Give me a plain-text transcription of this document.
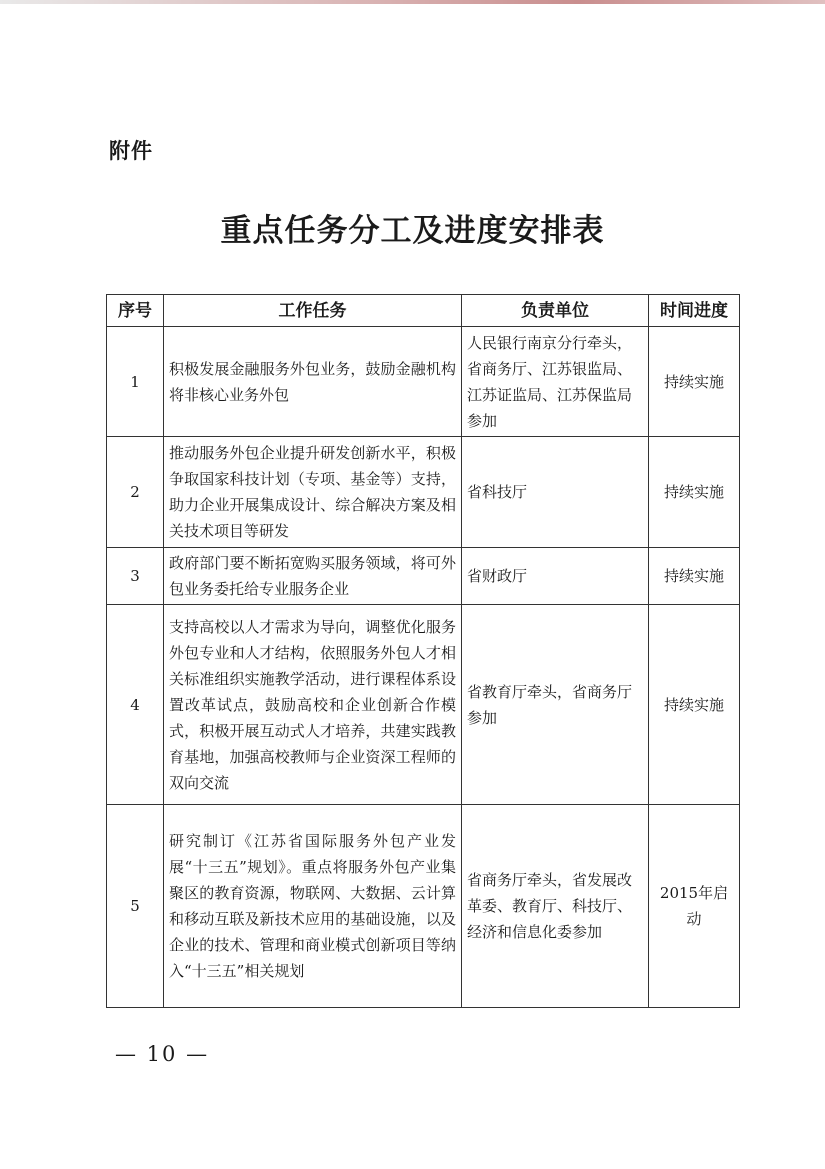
附件
重点任务分工及进度安排表
序号	工作任务	负责单位	时间进度
1	积极发展金融服务外包业务，鼓励金融机构将非核心业务外包	人民银行南京分行牵头，省商务厅、江苏银监局、江苏证监局、江苏保监局参加	持续实施
2	推动服务外包企业提升研发创新水平，积极争取国家科技计划（专项、基金等）支持，助力企业开展集成设计、综合解决方案及相关技术项目等研发	省科技厅	持续实施
3	政府部门要不断拓宽购买服务领域，将可外包业务委托给专业服务企业	省财政厅	持续实施
4	支持高校以人才需求为导向，调整优化服务外包专业和人才结构，依照服务外包人才相关标准组织实施教学活动，进行课程体系设置改革试点，鼓励高校和企业创新合作模式，积极开展互动式人才培养，共建实践教育基地，加强高校教师与企业资深工程师的双向交流	省教育厅牵头，省商务厅参加	持续实施
5	研究制订《江苏省国际服务外包产业发展“十三五”规划》。重点将服务外包产业集聚区的教育资源，物联网、大数据、云计算和移动互联及新技术应用的基础设施，以及企业的技术、管理和商业模式创新项目等纳入“十三五”相关规划	省商务厅牵头，省发展改革委、教育厅、科技厅、经济和信息化委参加	2015年启动
— 10 —
